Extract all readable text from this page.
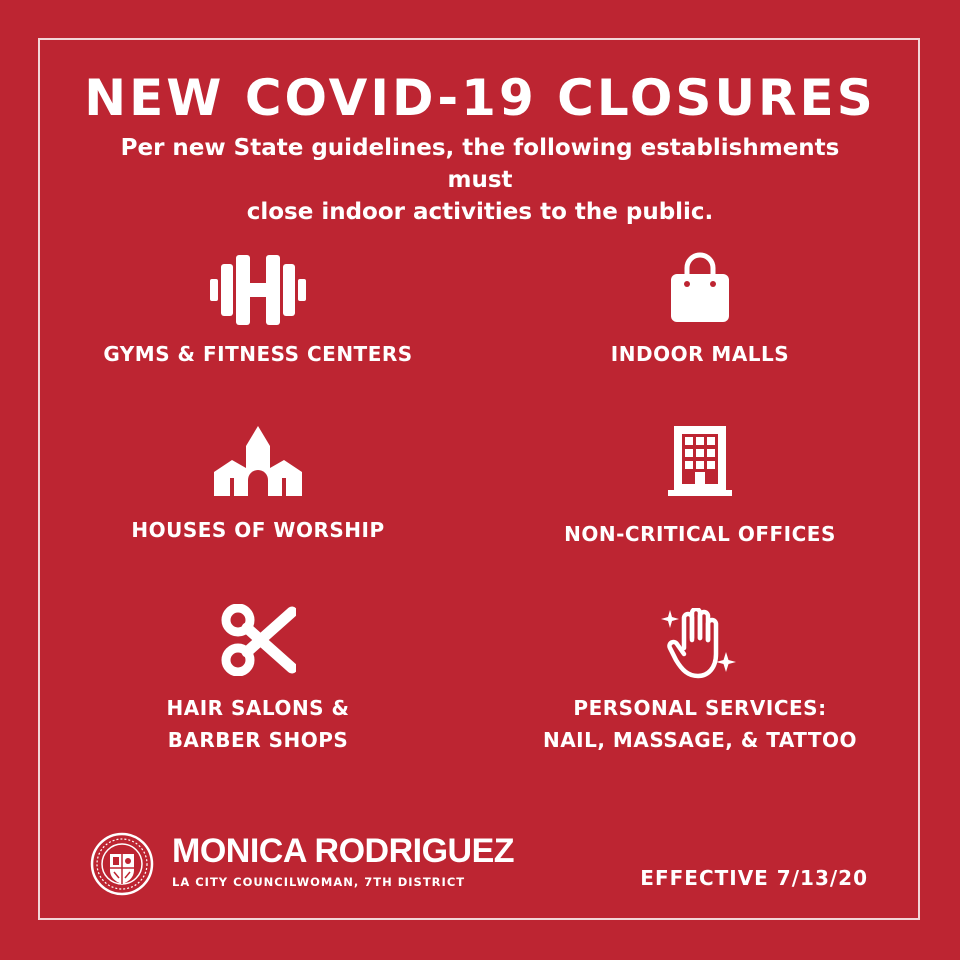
NEW COVID-19 CLOSURES
Per new State guidelines, the following establishments must
close indoor activities to the public.
GYMS & FITNESS CENTERS	INDOOR MALLS
HOUSES OF WORSHIP	NON-CRITICAL OFFICES
HAIR SALONS &
BARBER SHOPS
PERSONAL SERVICES:
NAIL, MASSAGE, & TATTOO
MONICA RODRIGUEZ
LA CITY COUNCILWOMAN, 7TH DISTRICT	EFFECTIVE 7/13/20
